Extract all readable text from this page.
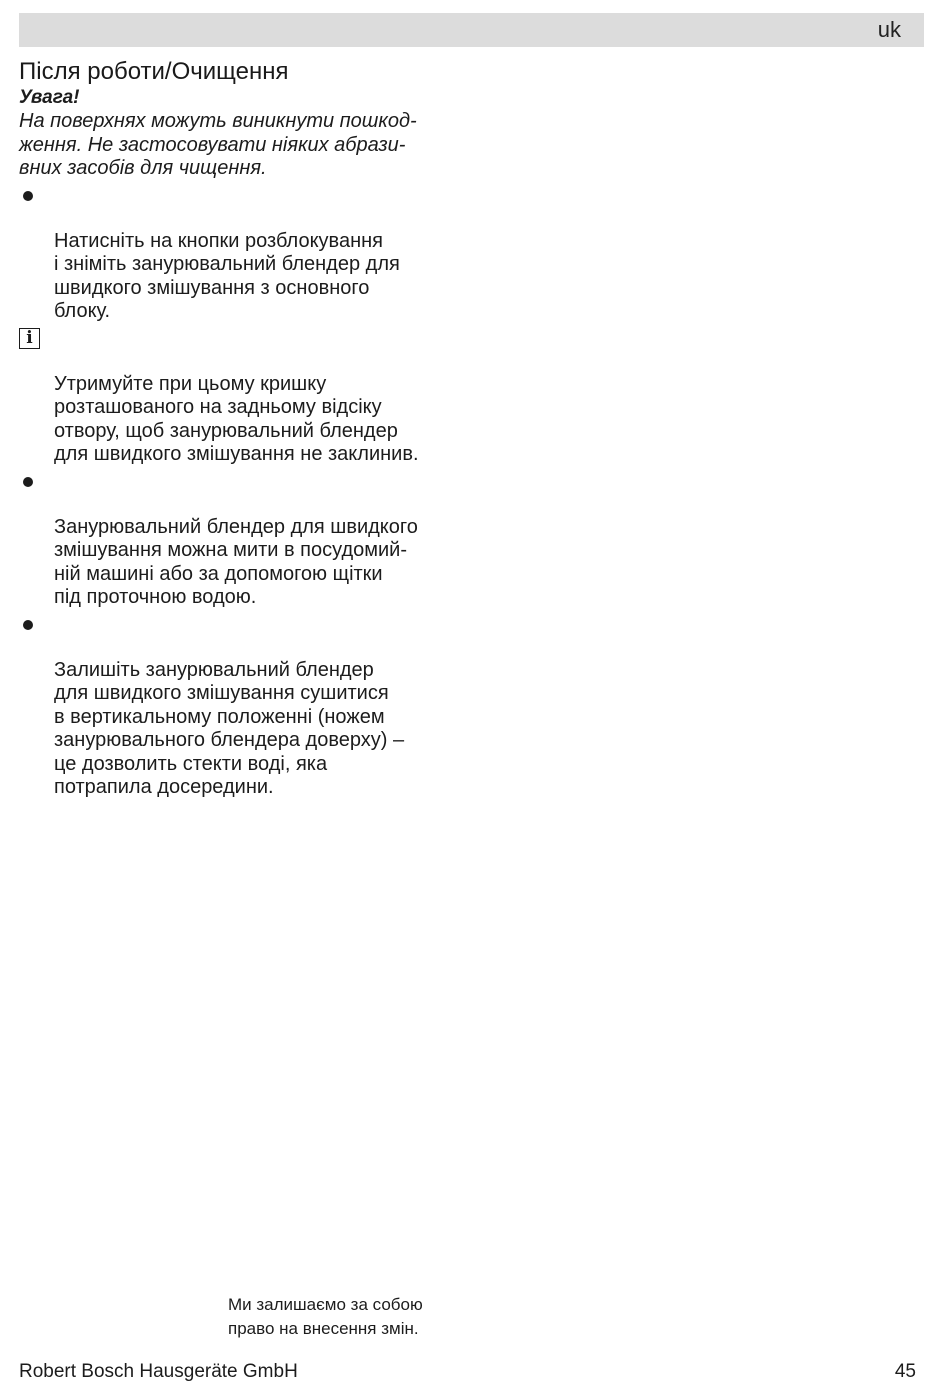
uk
Після роботи/Очищення
Увага!
На поверхнях можуть виникнути пошкод-
ження. Не застосовувати ніяких абрази-
вних засобів для чищення.

Натисніть на кнопки розблокування
і зніміть занурювальний блендер для
швидкого змішування з основного
блоку.

i

Утримуйте при цьому кришку
розташованого на задньому відсіку
отвору, щоб занурювальний блендер
для швидкого змішування не заклинив.

Занурювальний блендер для швидкого
змішування можна мити в посудомий-
ній машині або за допомогою щітки
під проточною водою.

Залишіть занурювальний блендер
для швидкого змішування сушитися
в вертикальному положенні (ножем
занурювального блендера доверху) –
це дозволить стекти воді, яка
потрапила досередини.

Ми залишаємо за собою
право на внесення змін.
Robert Bosch Hausgeräte GmbH	45
